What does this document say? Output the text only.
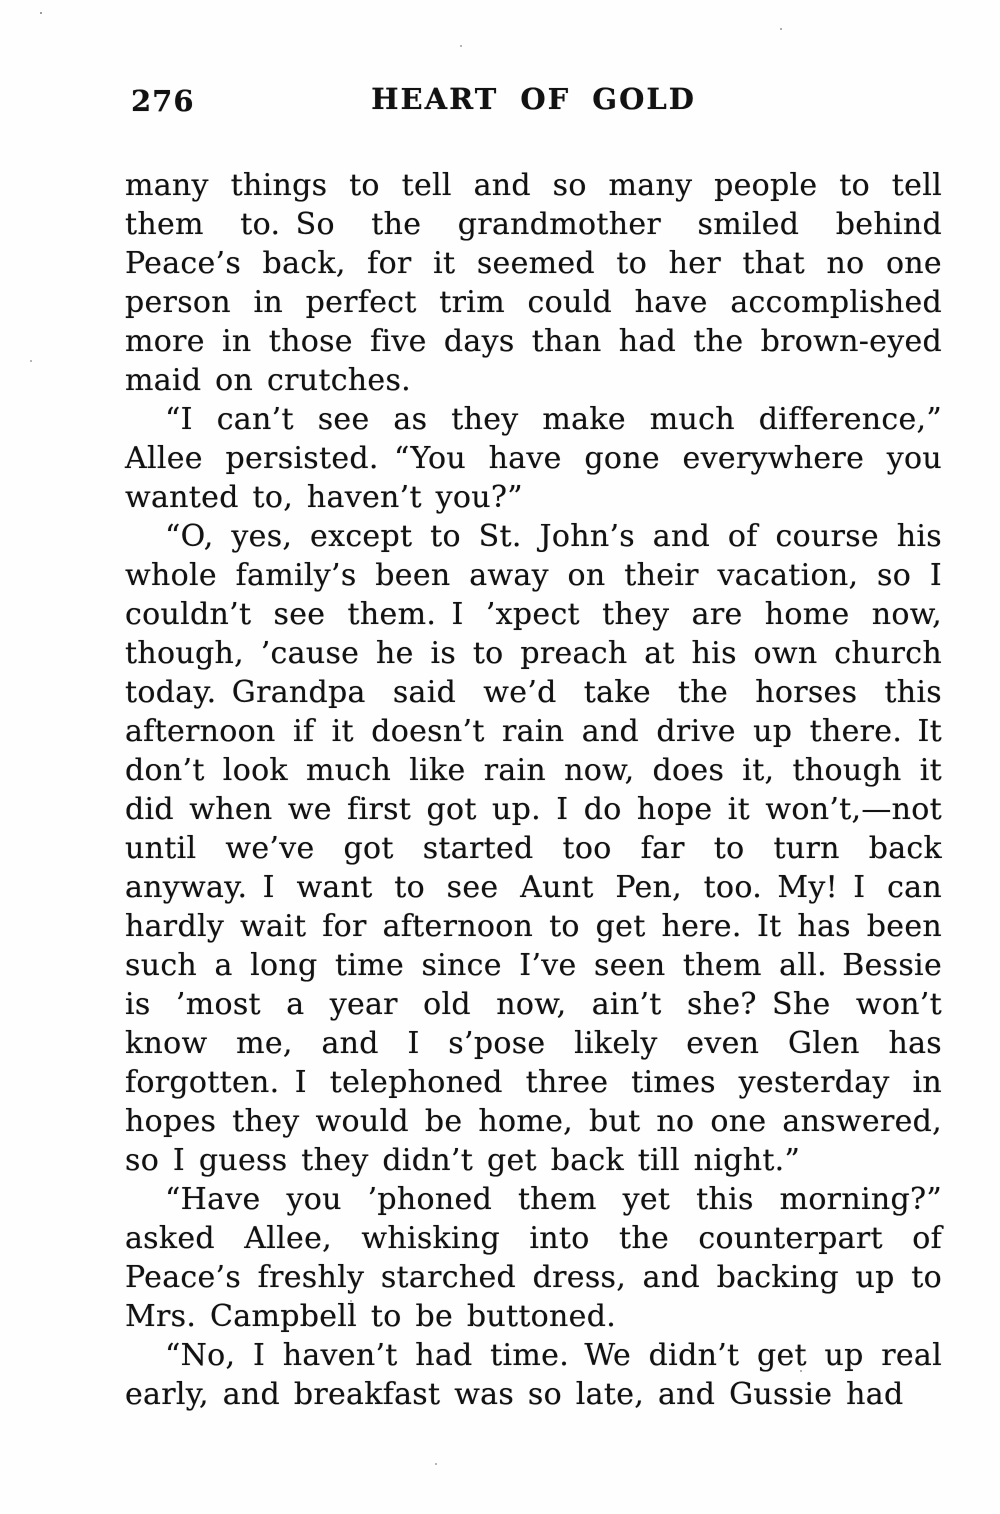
276	HEART OF GOLD

many things to tell and so many people to tell them to. So the grandmother smiled behind Peace’s back, for it seemed to her that no one person in perfect trim could have accomplished more in those five days than had the brown-eyed maid on crutches.

“I can’t see as they make much difference,” Allee persisted. “You have gone everywhere you wanted to, haven’t you?”

“O, yes, except to St. John’s and of course his whole family’s been away on their vacation, so I couldn’t see them. I ’xpect they are home now, though, ’cause he is to preach at his own church today. Grandpa said we’d take the horses this afternoon if it doesn’t rain and drive up there. It don’t look much like rain now, does it, though it did when we first got up. I do hope it won’t,—not until we’ve got started too far to turn back anyway. I want to see Aunt Pen, too. My! I can hardly wait for afternoon to get here. It has been such a long time since I’ve seen them all. Bessie is ’most a year old now, ain’t she? She won’t know me, and I s’pose likely even Glen has forgotten. I telephoned three times yesterday in hopes they would be home, but no one answered, so I guess they didn’t get back till night.”

“Have you ’phoned them yet this morning?” asked Allee, whisking into the counterpart of Peace’s freshly starched dress, and backing up to Mrs. Campbell to be buttoned.

“No, I haven’t had time. We didn’t get up real early, and breakfast was so late, and Gussie had
